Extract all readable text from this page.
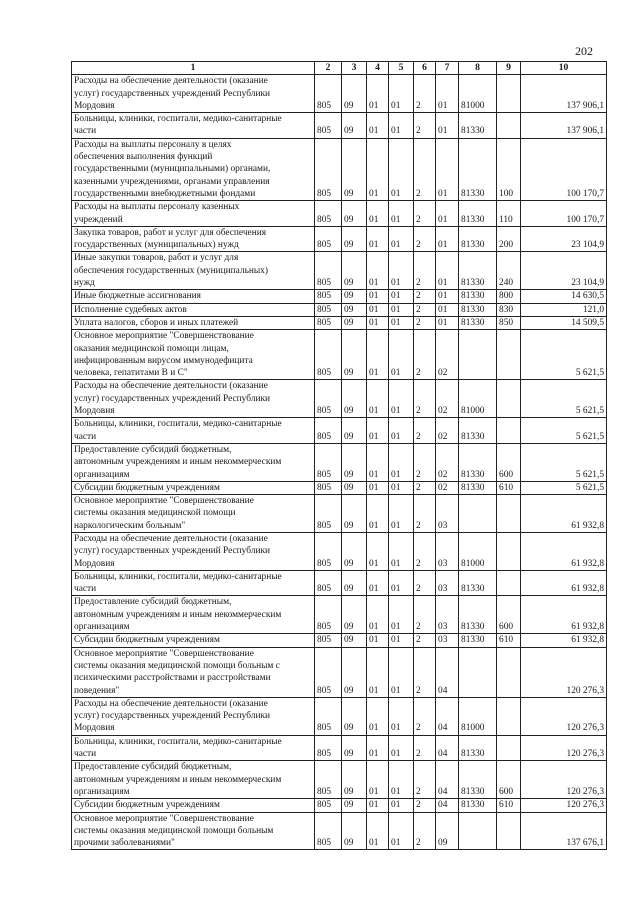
202
1	2	3	4	5	6	7	8	9	10

Расходы на обеспечение деятельности (оказание
услуг) государственных учреждений Республики
Мордовия	805	09	01	01	2	01	81000		137 906,1

Больницы, клиники, госпитали, медико-санитарные
части	805	09	01	01	2	01	81330		137 906,1

Расходы на выплаты персоналу в целях
обеспечения выполнения функций
государственными (муниципальными) органами,
казенными учреждениями, органами управления
государственными внебюджетными фондами	805	09	01	01	2	01	81330	100	100 170,7

Расходы на выплаты персоналу казенных
учреждений	805	09	01	01	2	01	81330	110	100 170,7

Закупка товаров, работ и услуг для обеспечения
государственных (муниципальных) нужд	805	09	01	01	2	01	81330	200	23 104,9

Иные закупки товаров, работ и услуг для
обеспечения государственных (муниципальных)
нужд	805	09	01	01	2	01	81330	240	23 104,9

Иные бюджетные ассигнования	805	09	01	01	2	01	81330	800	14 630,5

Исполнение судебных актов	805	09	01	01	2	01	81330	830	121,0

Уплата налогов, сборов и иных платежей	805	09	01	01	2	01	81330	850	14 509,5

Основное мероприятие "Совершенствование
оказания медицинской помощи лицам,
инфицированным вирусом иммунодефицита
человека, гепатитами В и С"	805	09	01	01	2	02			5 621,5

Расходы на обеспечение деятельности (оказание
услуг) государственных учреждений Республики
Мордовия	805	09	01	01	2	02	81000		5 621,5

Больницы, клиники, госпитали, медико-санитарные
части	805	09	01	01	2	02	81330		5 621,5

Предоставление субсидий бюджетным,
автономным учреждениям и иным некоммерческим
организациям	805	09	01	01	2	02	81330	600	5 621,5

Субсидии бюджетным учреждениям	805	09	01	01	2	02	81330	610	5 621,5

Основное мероприятие "Совершенствование
системы оказания медицинской помощи
наркологическим больным"	805	09	01	01	2	03			61 932,8

Расходы на обеспечение деятельности (оказание
услуг) государственных учреждений Республики
Мордовия	805	09	01	01	2	03	81000		61 932,8

Больницы, клиники, госпитали, медико-санитарные
части	805	09	01	01	2	03	81330		61 932,8

Предоставление субсидий бюджетным,
автономным учреждениям и иным некоммерческим
организациям	805	09	01	01	2	03	81330	600	61 932,8

Субсидии бюджетным учреждениям	805	09	01	01	2	03	81330	610	61 932,8

Основное мероприятие "Совершенствование
системы оказания медицинской помощи больным с
психическими расстройствами и расстройствами
поведения"	805	09	01	01	2	04			120 276,3

Расходы на обеспечение деятельности (оказание
услуг) государственных учреждений Республики
Мордовия	805	09	01	01	2	04	81000		120 276,3

Больницы, клиники, госпитали, медико-санитарные
части	805	09	01	01	2	04	81330		120 276,3

Предоставление субсидий бюджетным,
автономным учреждениям и иным некоммерческим
организациям	805	09	01	01	2	04	81330	600	120 276,3

Субсидии бюджетным учреждениям	805	09	01	01	2	04	81330	610	120 276,3

Основное мероприятие "Совершенствование
системы оказания медицинской помощи больным
прочими заболеваниями"	805	09	01	01	2	09			137 676,1
